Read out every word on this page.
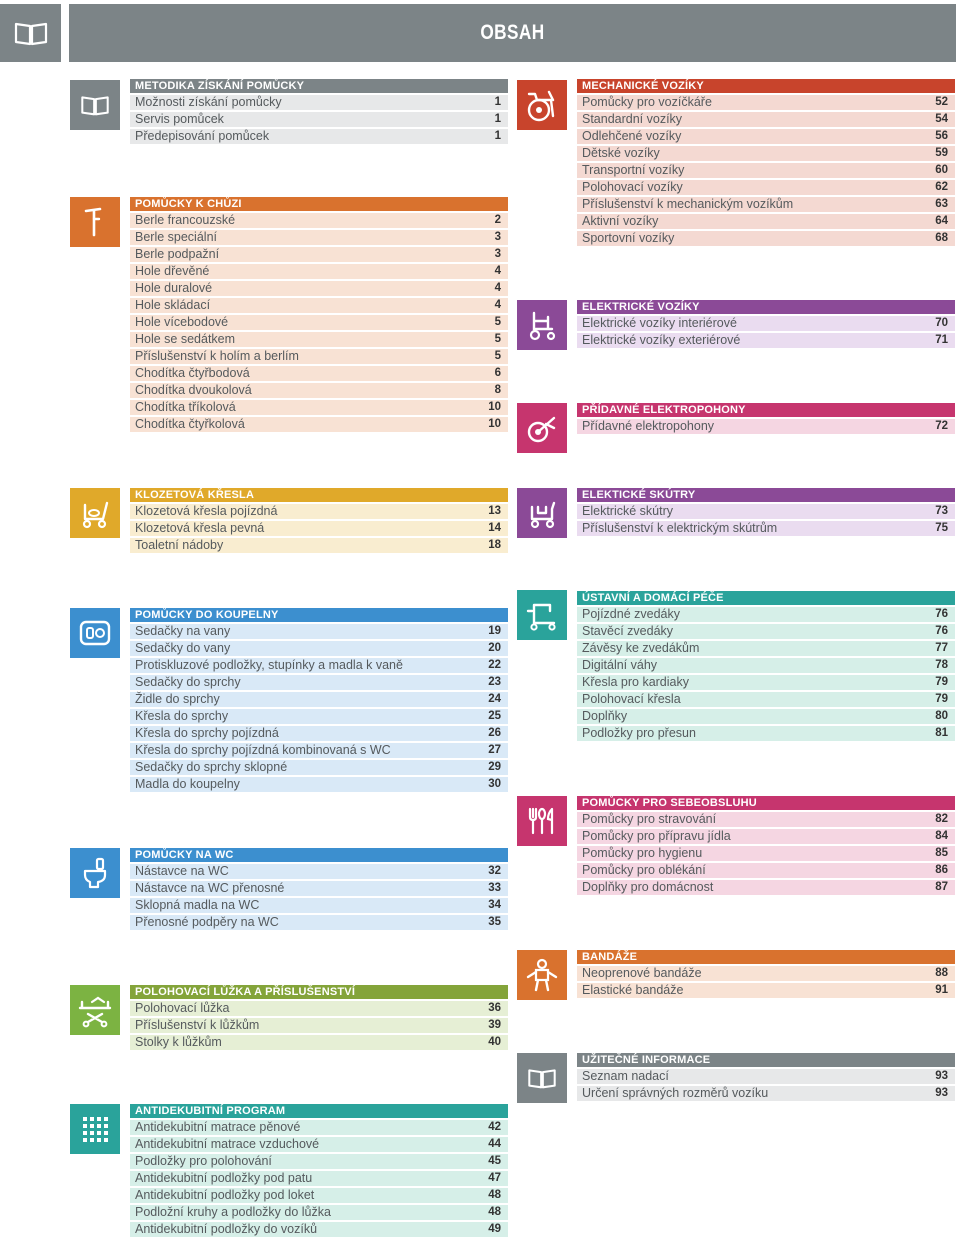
OBSAH
METODIKA ZÍSKÁNÍ POMŮCKY
Možnosti získání pomůcky	1
Servis pomůcek	1
Předepisování pomůcek	1
POMŮCKY K CHŮZI
Berle francouzské	2
Berle speciální	3
Berle podpažní	3
Hole dřevěné	4
Hole duralové	4
Hole skládací	4
Hole vícebodové	5
Hole se sedátkem	5
Příslušenství k holím a berlím	5
Chodítka čtyřbodová	6
Chodítka dvoukolová	8
Chodítka tříkolová	10
Chodítka čtyřkolová	10
MECHANICKÉ VOZÍKY
Pomůcky pro vozíčkáře	52
Standardní vozíky	54
Odlehčené vozíky	56
Dětské vozíky	59
Transportní vozíky	60
Polohovací vozíky	62
Příslušenství k mechanickým vozíkům	63
Aktivní vozíky	64
Sportovní vozíky	68
ELEKTRICKÉ VOZÍKY
Elektrické vozíky interiérové	70
Elektrické vozíky exteriérové	71
PŘÍDAVNÉ ELEKTROPOHONY
Přídavné elektropohony	72
KLOZETOVÁ KŘESLA
Klozetová křesla pojízdná	13
Klozetová křesla pevná	14
Toaletní nádoby	18
ELEKTICKÉ SKÚTRY
Elektrické skútry	73
Příslušenství k elektrickým skútrům	75
POMŮCKY DO KOUPELNY
Sedačky na vany	19
Sedačky do vany	20
Protiskluzové podložky, stupínky a madla k vaně	22
Sedačky do sprchy	23
Židle do sprchy	24
Křesla do sprchy	25
Křesla do sprchy pojízdná	26
Křesla do sprchy pojízdná kombinovaná s WC	27
Sedačky do sprchy sklopné	29
Madla do koupelny	30
ÚSTAVNÍ A DOMÁCÍ PÉČE
Pojízdné zvedáky	76
Stavěcí zvedáky	76
Závěsy ke zvedákům	77
Digitální váhy	78
Křesla pro kardiaky	79
Polohovací křesla	79
Doplňky	80
Podložky pro přesun	81
POMŮCKY PRO SEBEOBSLUHU
Pomůcky pro stravování	82
Pomůcky pro přípravu jídla	84
Pomůcky pro hygienu	85
Pomůcky pro oblékání	86
Doplňky pro domácnost	87
POMŮCKY NA WC
Nástavce na WC	32
Nástavce na WC přenosné	33
Sklopná madla na WC	34
Přenosné podpěry na WC	35
POLOHOVACÍ LŮŽKA A PŘÍSLUŠENSTVÍ
Polohovací lůžka	36
Příslušenství k lůžkům	39
Stolky k lůžkům	40
BANDÁŽE
Neoprenové bandáže	88
Elastické bandáže	91
UŽITEČNÉ INFORMACE
Seznam nadací	93
Určení správných rozměrů vozíku	93
ANTIDEKUBITNÍ PROGRAM
Antidekubitní matrace pěnové	42
Antidekubitní matrace vzduchové	44
Podložky pro polohování	45
Antidekubitní podložky pod patu	47
Antidekubitní podložky pod loket	48
Podložní kruhy a podložky do lůžka	48
Antidekubitní podložky do vozíků	49
